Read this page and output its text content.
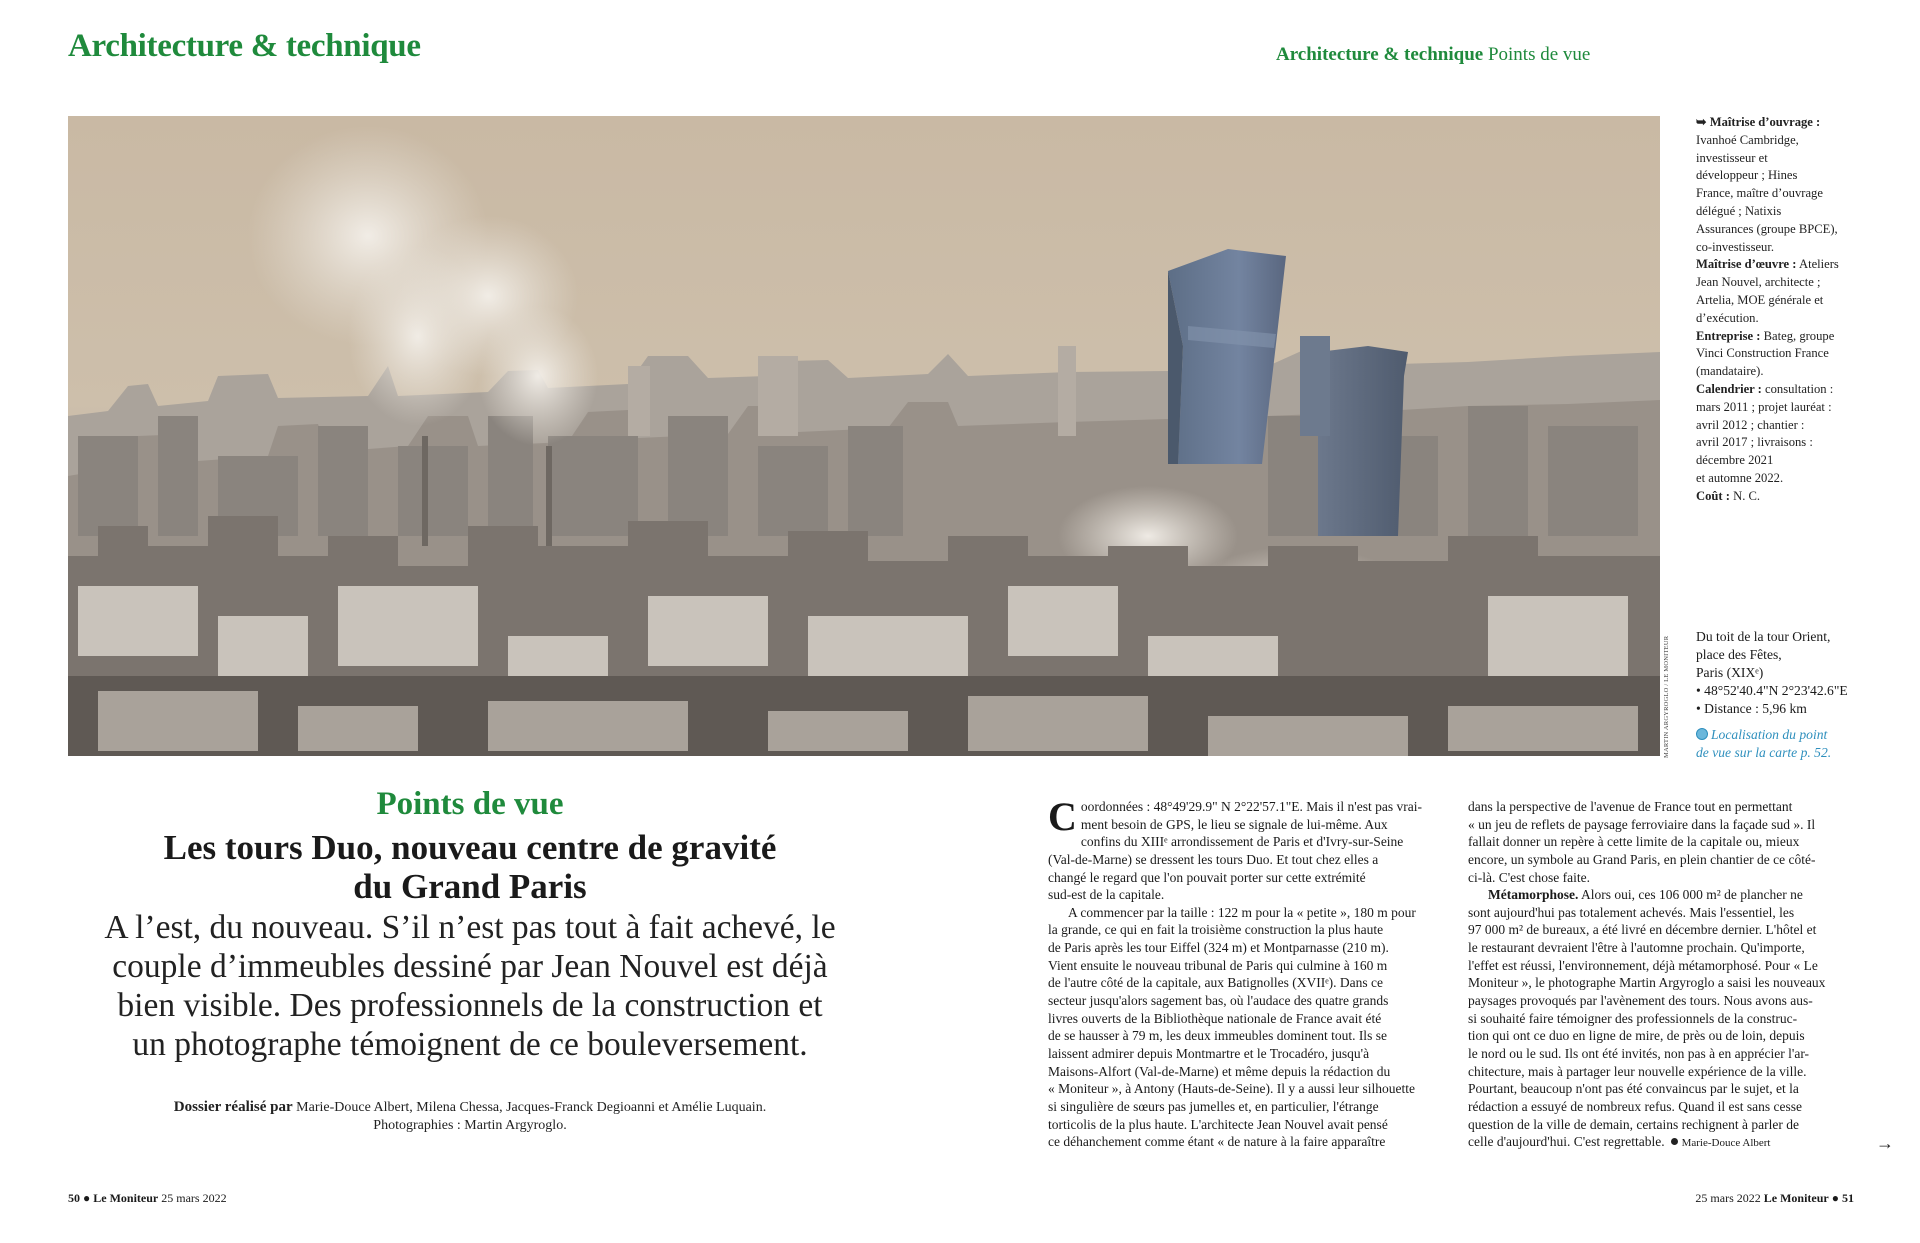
Architecture & technique	Architecture & technique Points de vue
MARTIN ARGYROGLO / LE MONITEUR

➥ Maîtrise d’ouvrage :
Ivanhoé Cambridge,
investisseur et
développeur ; Hines
France, maître d’ouvrage
délégué ; Natixis
Assurances (groupe BPCE),
co-investisseur.

Maîtrise d’œuvre : Ateliers
Jean Nouvel, architecte ;
Artelia, MOE générale et
d’exécution.

Entreprise : Bateg, groupe
Vinci Construction France
(mandataire).

Calendrier : consultation :
mars 2011 ; projet lauréat :
avril 2012 ; chantier :
avril 2017 ; livraisons :
décembre 2021
et automne 2022.

Coût : N. C.

Du toit de la tour Orient,
place des Fêtes,
Paris (XIXᵉ)
• 48°52'40.4"N 2°23'42.6"E
• Distance : 5,96 km
Localisation du point
de vue sur la carte p. 52.
Points de vue
Les tours Duo, nouveau centre de gravité
du Grand Paris
A l’est, du nouveau. S’il n’est pas tout à fait achevé, le
couple d’immeubles dessiné par Jean Nouvel est déjà
bien visible. Des professionnels de la construction et
un photographe témoignent de ce bouleversement.
Dossier réalisé par Marie-Douce Albert, Milena Chessa, Jacques-Franck Degioanni et Amélie Luquain.
Photographies : Martin Argyroglo.
C oordonnées : 48°49'29.9" N 2°22'57.1"E. Mais il n'est pas vrai-
ment besoin de GPS, le lieu se signale de lui-même. Aux
confins du XIIIᵉ arrondissement de Paris et d'Ivry-sur-Seine
(Val-de-Marne) se dressent les tours Duo. Et tout chez elles a
changé le regard que l'on pouvait porter sur cette extrémité
sud-est de la capitale.
A commencer par la taille : 122 m pour la « petite », 180 m pour
la grande, ce qui en fait la troisième construction la plus haute
de Paris après les tour Eiffel (324 m) et Montparnasse (210 m).
Vient ensuite le nouveau tribunal de Paris qui culmine à 160 m
de l'autre côté de la capitale, aux Batignolles (XVIIᵉ). Dans ce
secteur jusqu'alors sagement bas, où l'audace des quatre grands
livres ouverts de la Bibliothèque nationale de France avait été
de se hausser à 79 m, les deux immeubles dominent tout. Ils se
laissent admirer depuis Montmartre et le Trocadéro, jusqu'à
Maisons-Alfort (Val-de-Marne) et même depuis la rédaction du
« Moniteur », à Antony (Hauts-de-Seine). Il y a aussi leur silhouette
si singulière de sœurs pas jumelles et, en particulier, l'étrange
torticolis de la plus haute. L'architecte Jean Nouvel avait pensé
ce déhanchement comme étant « de nature à la faire apparaître
dans la perspective de l'avenue de France tout en permettant
« un jeu de reflets de paysage ferroviaire dans la façade sud ». Il
fallait donner un repère à cette limite de la capitale ou, mieux
encore, un symbole au Grand Paris, en plein chantier de ce côté-
ci-là. C'est chose faite.
Métamorphose. Alors oui, ces 106 000 m² de plancher ne
sont aujourd'hui pas totalement achevés. Mais l'essentiel, les
97 000 m² de bureaux, a été livré en décembre dernier. L'hôtel et
le restaurant devraient l'être à l'automne prochain. Qu'importe,
l'effet est réussi, l'environnement, déjà métamorphosé. Pour « Le
Moniteur », le photographe Martin Argyroglo a saisi les nouveaux
paysages provoqués par l'avènement des tours. Nous avons aus-
si souhaité faire témoigner des professionnels de la construc-
tion qui ont ce duo en ligne de mire, de près ou de loin, depuis
le nord ou le sud. Ils ont été invités, non pas à en apprécier l'ar-
chitecture, mais à partager leur nouvelle expérience de la ville.
Pourtant, beaucoup n'ont pas été convaincus par le sujet, et la
rédaction a essuyé de nombreux refus. Quand il est sans cesse
question de la ville de demain, certains rechignent à parler de
celle d'aujourd'hui. C'est regrettable. Marie-Douce Albert	→
50 ● Le Moniteur 25 mars 2022	25 mars 2022 Le Moniteur ● 51
